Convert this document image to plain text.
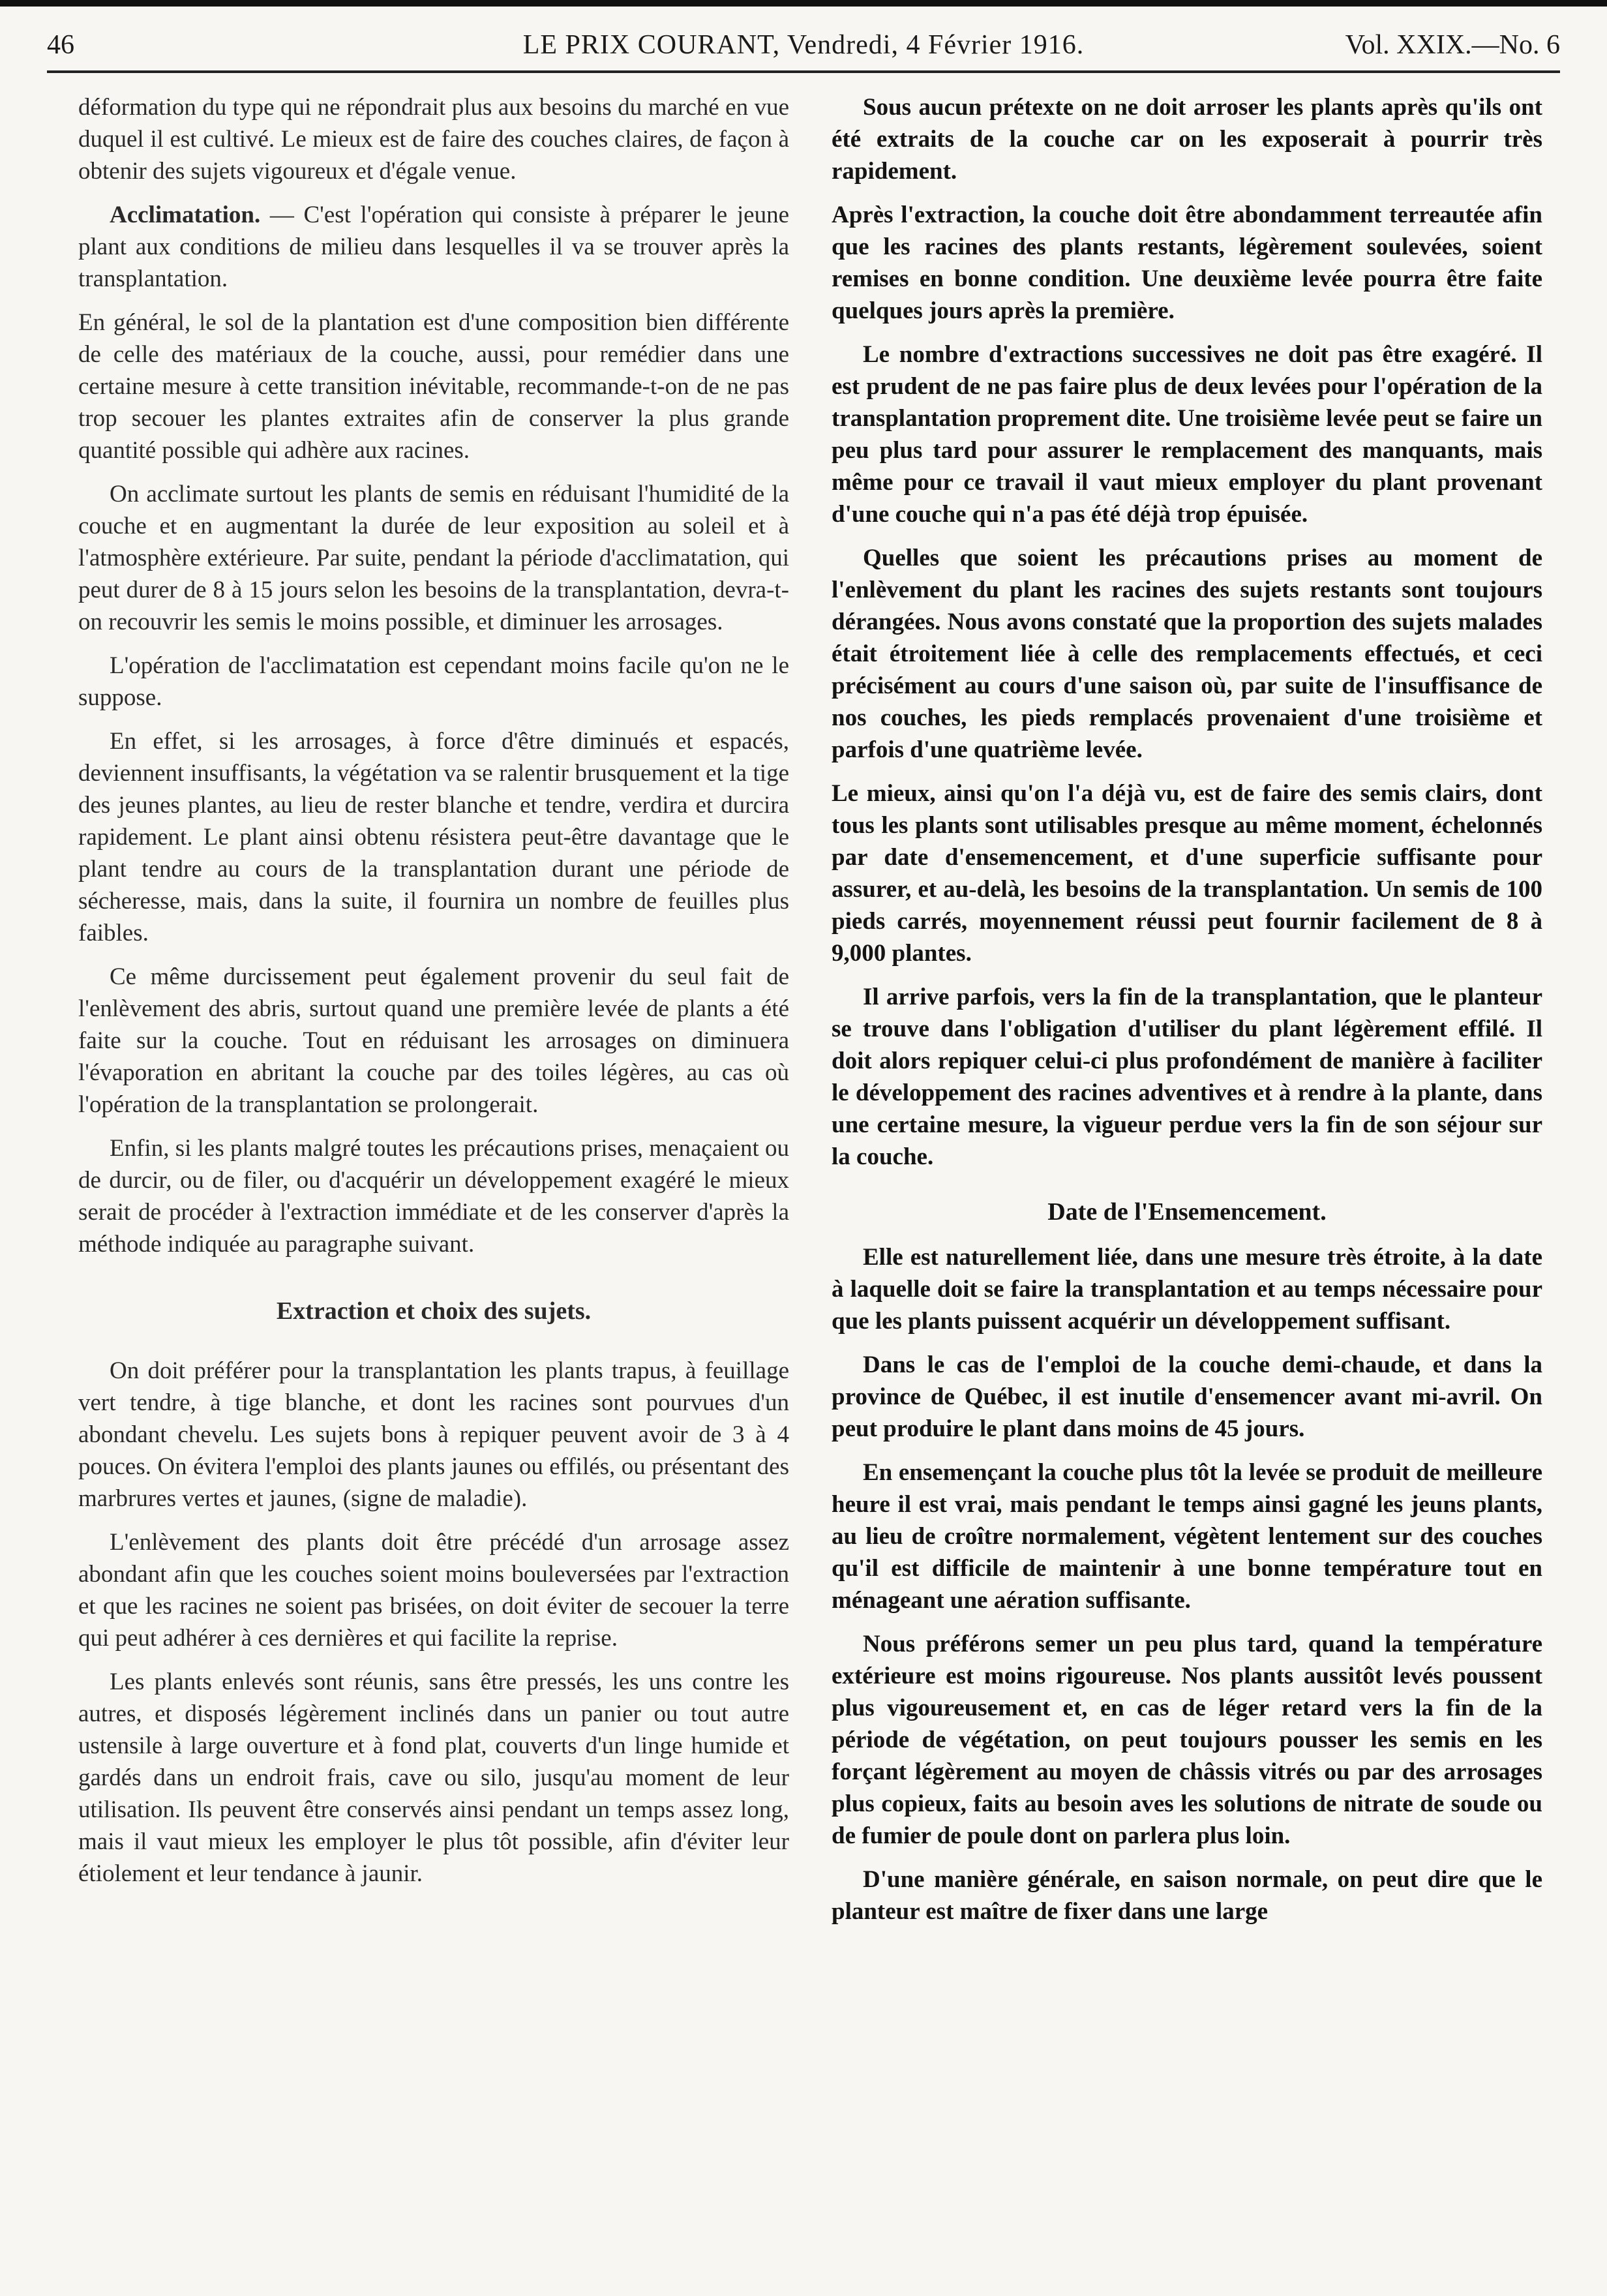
46	LE PRIX COURANT, Vendredi, 4 Février 1916.	Vol. XXIX.—No. 6

déformation du type qui ne répondrait plus aux besoins du marché en vue duquel il est cultivé. Le mieux est de faire des couches claires, de façon à obtenir des sujets vigoureux et d'égale venue.

Acclimatation. — C'est l'opération qui consiste à préparer le jeune plant aux conditions de milieu dans lesquelles il va se trouver après la transplantation.

En général, le sol de la plantation est d'une composition bien différente de celle des matériaux de la couche, aussi, pour remédier dans une certaine mesure à cette transition inévitable, recommande-t-on de ne pas trop secouer les plantes extraites afin de conserver la plus grande quantité possible qui adhère aux racines.

On acclimate surtout les plants de semis en réduisant l'humidité de la couche et en augmentant la durée de leur exposition au soleil et à l'atmosphère extérieure. Par suite, pendant la période d'acclimatation, qui peut durer de 8 à 15 jours selon les besoins de la transplantation, devra-t-on recouvrir les semis le moins possible, et diminuer les arrosages.

L'opération de l'acclimatation est cependant moins facile qu'on ne le suppose.

En effet, si les arrosages, à force d'être diminués et espacés, deviennent insuffisants, la végétation va se ralentir brusquement et la tige des jeunes plantes, au lieu de rester blanche et tendre, verdira et durcira rapidement. Le plant ainsi obtenu résistera peut-être davantage que le plant tendre au cours de la transplantation durant une période de sécheresse, mais, dans la suite, il fournira un nombre de feuilles plus faibles.

Ce même durcissement peut également provenir du seul fait de l'enlèvement des abris, surtout quand une première levée de plants a été faite sur la couche. Tout en réduisant les arrosages on diminuera l'évaporation en abritant la couche par des toiles légères, au cas où l'opération de la transplantation se prolongerait.

Enfin, si les plants malgré toutes les précautions prises, menaçaient ou de durcir, ou de filer, ou d'acquérir un développement exagéré le mieux serait de procéder à l'extraction immédiate et de les conserver d'après la méthode indiquée au paragraphe suivant.

Extraction et choix des sujets.

On doit préférer pour la transplantation les plants trapus, à feuillage vert tendre, à tige blanche, et dont les racines sont pourvues d'un abondant chevelu. Les sujets bons à repiquer peuvent avoir de 3 à 4 pouces. On évitera l'emploi des plants jaunes ou effilés, ou présentant des marbrures vertes et jaunes, (signe de maladie).

L'enlèvement des plants doit être précédé d'un arrosage assez abondant afin que les couches soient moins bouleversées par l'extraction et que les racines ne soient pas brisées, on doit éviter de secouer la terre qui peut adhérer à ces dernières et qui facilite la reprise.

Les plants enlevés sont réunis, sans être pressés, les uns contre les autres, et disposés légèrement inclinés dans un panier ou tout autre ustensile à large ouverture et à fond plat, couverts d'un linge humide et gardés dans un endroit frais, cave ou silo, jusqu'au moment de leur utilisation. Ils peuvent être conservés ainsi pendant un temps assez long, mais il vaut mieux les employer le plus tôt possible, afin d'éviter leur étiolement et leur tendance à jaunir.

Sous aucun prétexte on ne doit arroser les plants après qu'ils ont été extraits de la couche car on les exposerait à pourrir très rapidement.

Après l'extraction, la couche doit être abondamment terreautée afin que les racines des plants restants, légèrement soulevées, soient remises en bonne condition. Une deuxième levée pourra être faite quelques jours après la première.

Le nombre d'extractions successives ne doit pas être exagéré. Il est prudent de ne pas faire plus de deux levées pour l'opération de la transplantation proprement dite. Une troisième levée peut se faire un peu plus tard pour assurer le remplacement des manquants, mais même pour ce travail il vaut mieux employer du plant provenant d'une couche qui n'a pas été déjà trop épuisée.

Quelles que soient les précautions prises au moment de l'enlèvement du plant les racines des sujets restants sont toujours dérangées. Nous avons constaté que la proportion des sujets malades était étroitement liée à celle des remplacements effectués, et ceci précisément au cours d'une saison où, par suite de l'insuffisance de nos couches, les pieds remplacés provenaient d'une troisième et parfois d'une quatrième levée.

Le mieux, ainsi qu'on l'a déjà vu, est de faire des semis clairs, dont tous les plants sont utilisables presque au même moment, échelonnés par date d'ensemencement, et d'une superficie suffisante pour assurer, et au-delà, les besoins de la transplantation. Un semis de 100 pieds carrés, moyennement réussi peut fournir facilement de 8 à 9,000 plantes.

Il arrive parfois, vers la fin de la transplantation, que le planteur se trouve dans l'obligation d'utiliser du plant légèrement effilé. Il doit alors repiquer celui-ci plus profondément de manière à faciliter le développement des racines adventives et à rendre à la plante, dans une certaine mesure, la vigueur perdue vers la fin de son séjour sur la couche.

Date de l'Ensemencement.

Elle est naturellement liée, dans une mesure très étroite, à la date à laquelle doit se faire la transplantation et au temps nécessaire pour que les plants puissent acquérir un développement suffisant.

Dans le cas de l'emploi de la couche demi-chaude, et dans la province de Québec, il est inutile d'ensemencer avant mi-avril. On peut produire le plant dans moins de 45 jours.

En ensemençant la couche plus tôt la levée se produit de meilleure heure il est vrai, mais pendant le temps ainsi gagné les jeuns plants, au lieu de croître normalement, végètent lentement sur des couches qu'il est difficile de maintenir à une bonne température tout en ménageant une aération suffisante.

Nous préférons semer un peu plus tard, quand la température extérieure est moins rigoureuse. Nos plants aussitôt levés poussent plus vigoureusement et, en cas de léger retard vers la fin de la période de végétation, on peut toujours pousser les semis en les forçant légèrement au moyen de châssis vitrés ou par des arrosages plus copieux, faits au besoin aves les solutions de nitrate de soude ou de fumier de poule dont on parlera plus loin.

D'une manière générale, en saison normale, on peut dire que le planteur est maître de fixer dans une large
